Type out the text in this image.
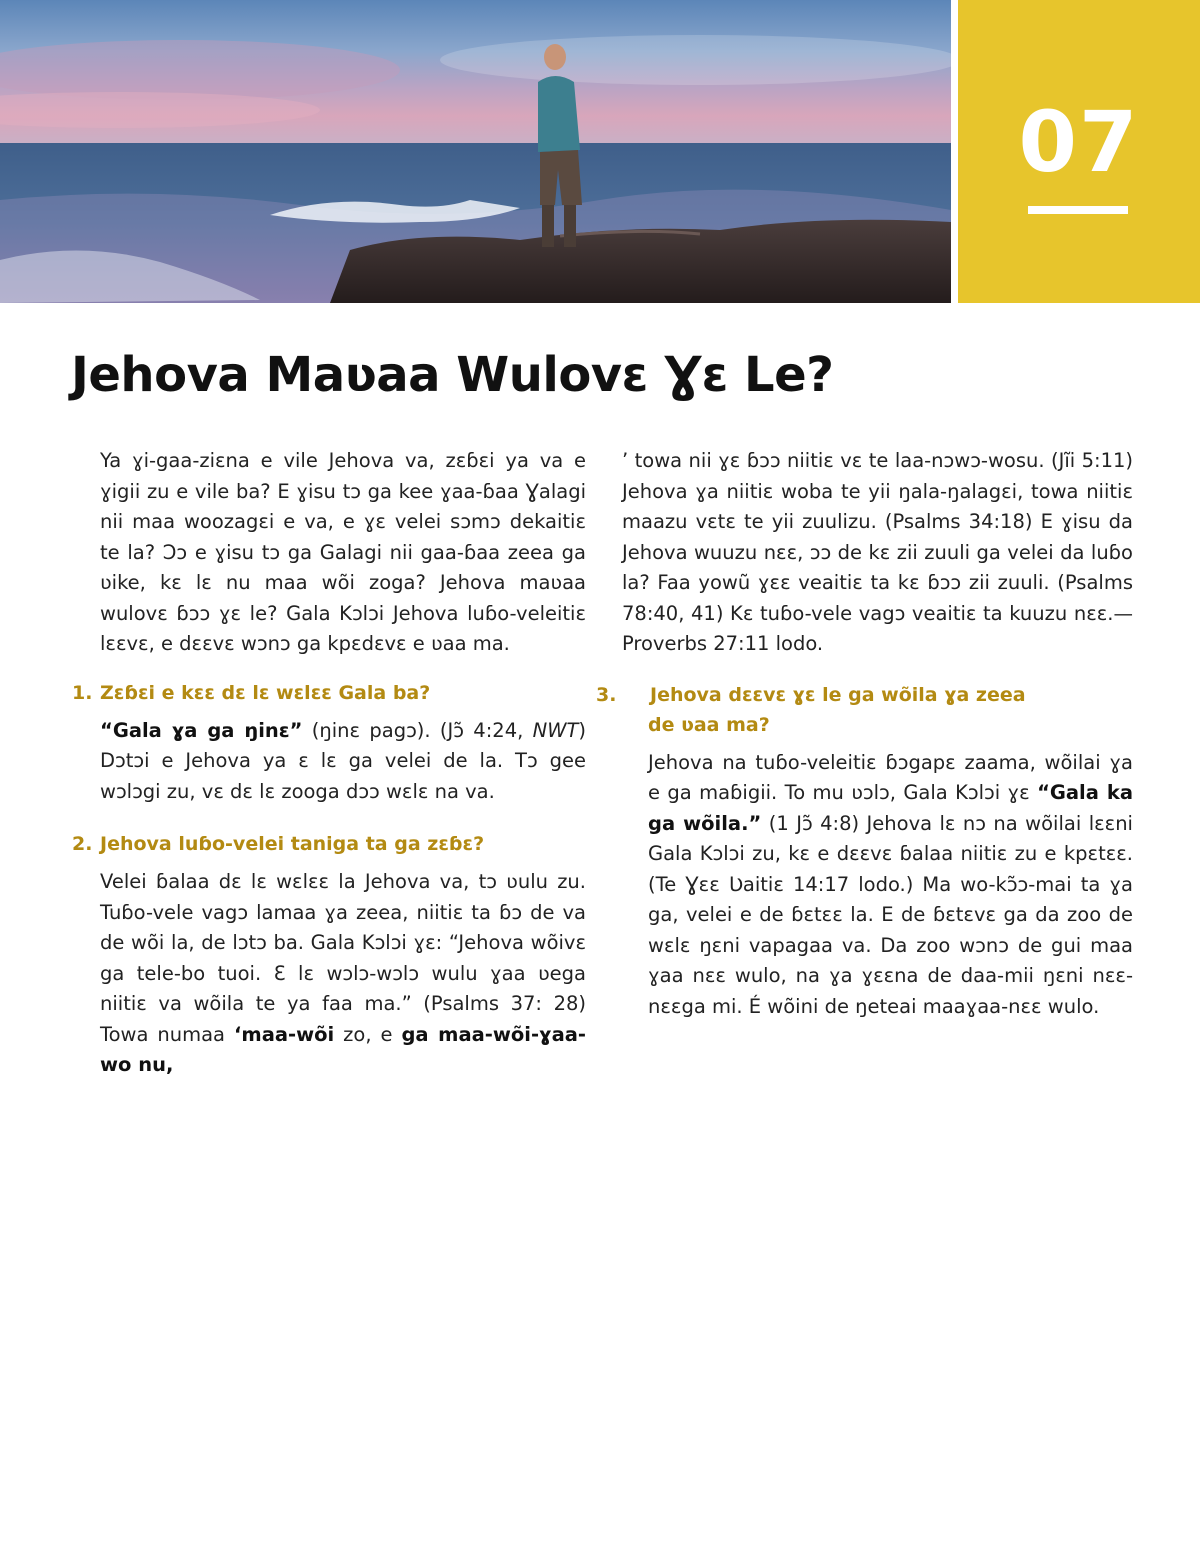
07
Jehova Maʋaa Wulovɛ Ɣɛ Le?

Ya ɣi-gaa-ziɛna e vile Jehova va, zɛɓɛi ya va e ɣigii zu e vile ba? E ɣisu tɔ ga kee ɣaa-ɓaa Ɣalagi nii maa woozagɛi e va, e ɣɛ velei sɔmɔ dekaitiɛ te la? Ɔɔ e ɣisu tɔ ga Galagi nii gaa-ɓaa zeea ga ʋike, kɛ lɛ nu maa wõi zoga? Jehova maʋaa wulovɛ ɓɔɔ ɣɛ le? Gala Kɔlɔi Jehova luɓo-veleitiɛ lɛɛvɛ, e dɛɛvɛ wɔnɔ ga kpɛdɛvɛ e ʋaa ma.

1. Zɛɓɛi e kɛɛ dɛ lɛ wɛlɛɛ Gala ba?

“Gala ɣa ga ŋinɛ” (ŋinɛ pagɔ). (Jɔ̃ 4:24, NWT) Dɔtɔi e Jehova ya ɛ lɛ ga velei de la. Tɔ gee wɔlɔgi zu, vɛ dɛ lɛ zooga dɔɔ wɛlɛ na va.

2. Jehova luɓo-velei taniga ta ga zɛɓɛ?

Velei ɓalaa dɛ lɛ wɛlɛɛ la Jehova va, tɔ ʋulu zu. Tuɓo-vele vagɔ lamaa ɣa zeea, niitiɛ ta ɓɔ de va de wõi la, de lɔtɔ ba. Gala Kɔlɔi ɣɛ: “Jehova wõivɛ ga tele-bo tuoi. Ɛ lɛ wɔlɔ-wɔlɔ wulu ɣaa ʋega niitiɛ va wõila te ya faa ma.” (Psalms 37: 28) Towa numaa ‘maa-wõi zo, e ga maa-wõi-ɣaa-wo nu,

’ towa nii ɣɛ ɓɔɔ niitiɛ vɛ te laa-nɔwɔ-wosu. (Jĩi 5:11) Jehova ɣa niitiɛ woba te yii ŋala-ŋalagɛi, towa niitiɛ maazu vɛtɛ te yii zuulizu. (Psalms 34:18) E ɣisu da Jehova wuuzu nɛɛ, ɔɔ de kɛ zii zuuli ga velei da luɓo la? Faa yowũ ɣɛɛ veaitiɛ ta kɛ ɓɔɔ zii zuuli. (Psalms 78:40, 41) Kɛ tuɓo-vele vagɔ veaitiɛ ta kuuzu nɛɛ.—Proverbs 27:11 lodo.

3. Jehova dɛɛvɛ ɣɛ le ga wõila ɣa zeea
de ʋaa ma?

Jehova na tuɓo-veleitiɛ ɓɔgapɛ zaama, wõilai ɣa e ga maɓigii. To mu ʋɔlɔ, Gala Kɔlɔi ɣɛ “Gala ka ga wõila.” (1 Jɔ̃ 4:8) Jehova lɛ nɔ na wõilai lɛɛni Gala Kɔlɔi zu, kɛ e dɛɛvɛ ɓalaa niitiɛ zu e kpɛtɛɛ. (Te Ɣɛɛ Ʋaitiɛ 14:17 lodo.) Ma wo-kɔ̃ɔ-mai ta ɣa ga, velei e de ɓɛtɛɛ la. E de ɓɛtɛvɛ ga da zoo de wɛlɛ ŋɛni vapagaa va. Da zoo wɔnɔ de gui maa ɣaa nɛɛ wulo, na ɣa ɣɛɛna de daa-mii ŋɛni nɛɛ-nɛɛga mi. É wõini de ŋeteai maaɣaa-nɛɛ wulo.
